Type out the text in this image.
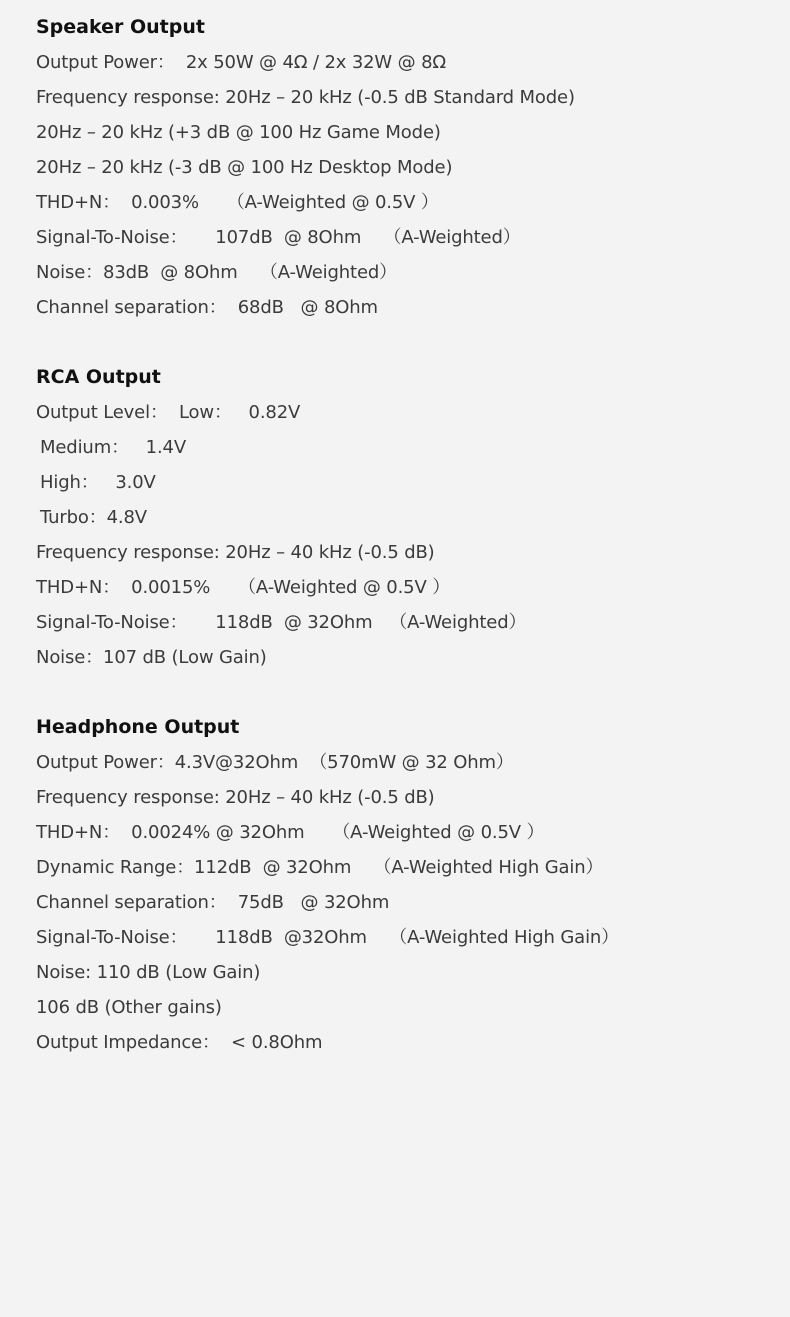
Speaker Output
Output Power：  2x 50W @ 4Ω / 2x 32W @ 8Ω
Frequency response: 20Hz – 20 kHz (-0.5 dB Standard Mode)
20Hz – 20 kHz (+3 dB @ 100 Hz Game Mode)
20Hz – 20 kHz (-3 dB @ 100 Hz Desktop Mode)
THD+N：  0.003%     （A-Weighted @ 0.5V ）
Signal-To-Noise：     107dB  @ 8Ohm    （A-Weighted）
Noise：83dB  @ 8Ohm    （A-Weighted）
Channel separation：  68dB   @ 8Ohm
RCA Output
Output Level：  Low：   0.82V
Medium：   1.4V
High：   3.0V
Turbo：4.8V
Frequency response: 20Hz – 40 kHz (-0.5 dB)
THD+N：  0.0015%     （A-Weighted @ 0.5V ）
Signal-To-Noise：     118dB  @ 32Ohm   （A-Weighted）
Noise：107 dB (Low Gain)
Headphone Output
Output Power：4.3V@32Ohm  （570mW @ 32 Ohm）
Frequency response: 20Hz – 40 kHz (-0.5 dB)
THD+N：  0.0024% @ 32Ohm     （A-Weighted @ 0.5V ）
Dynamic Range：112dB  @ 32Ohm    （A-Weighted High Gain）
Channel separation：  75dB   @ 32Ohm
Signal-To-Noise：     118dB  @32Ohm    （A-Weighted High Gain）
Noise: 110 dB (Low Gain)
106 dB (Other gains)
Output Impedance：  < 0.8Ohm
